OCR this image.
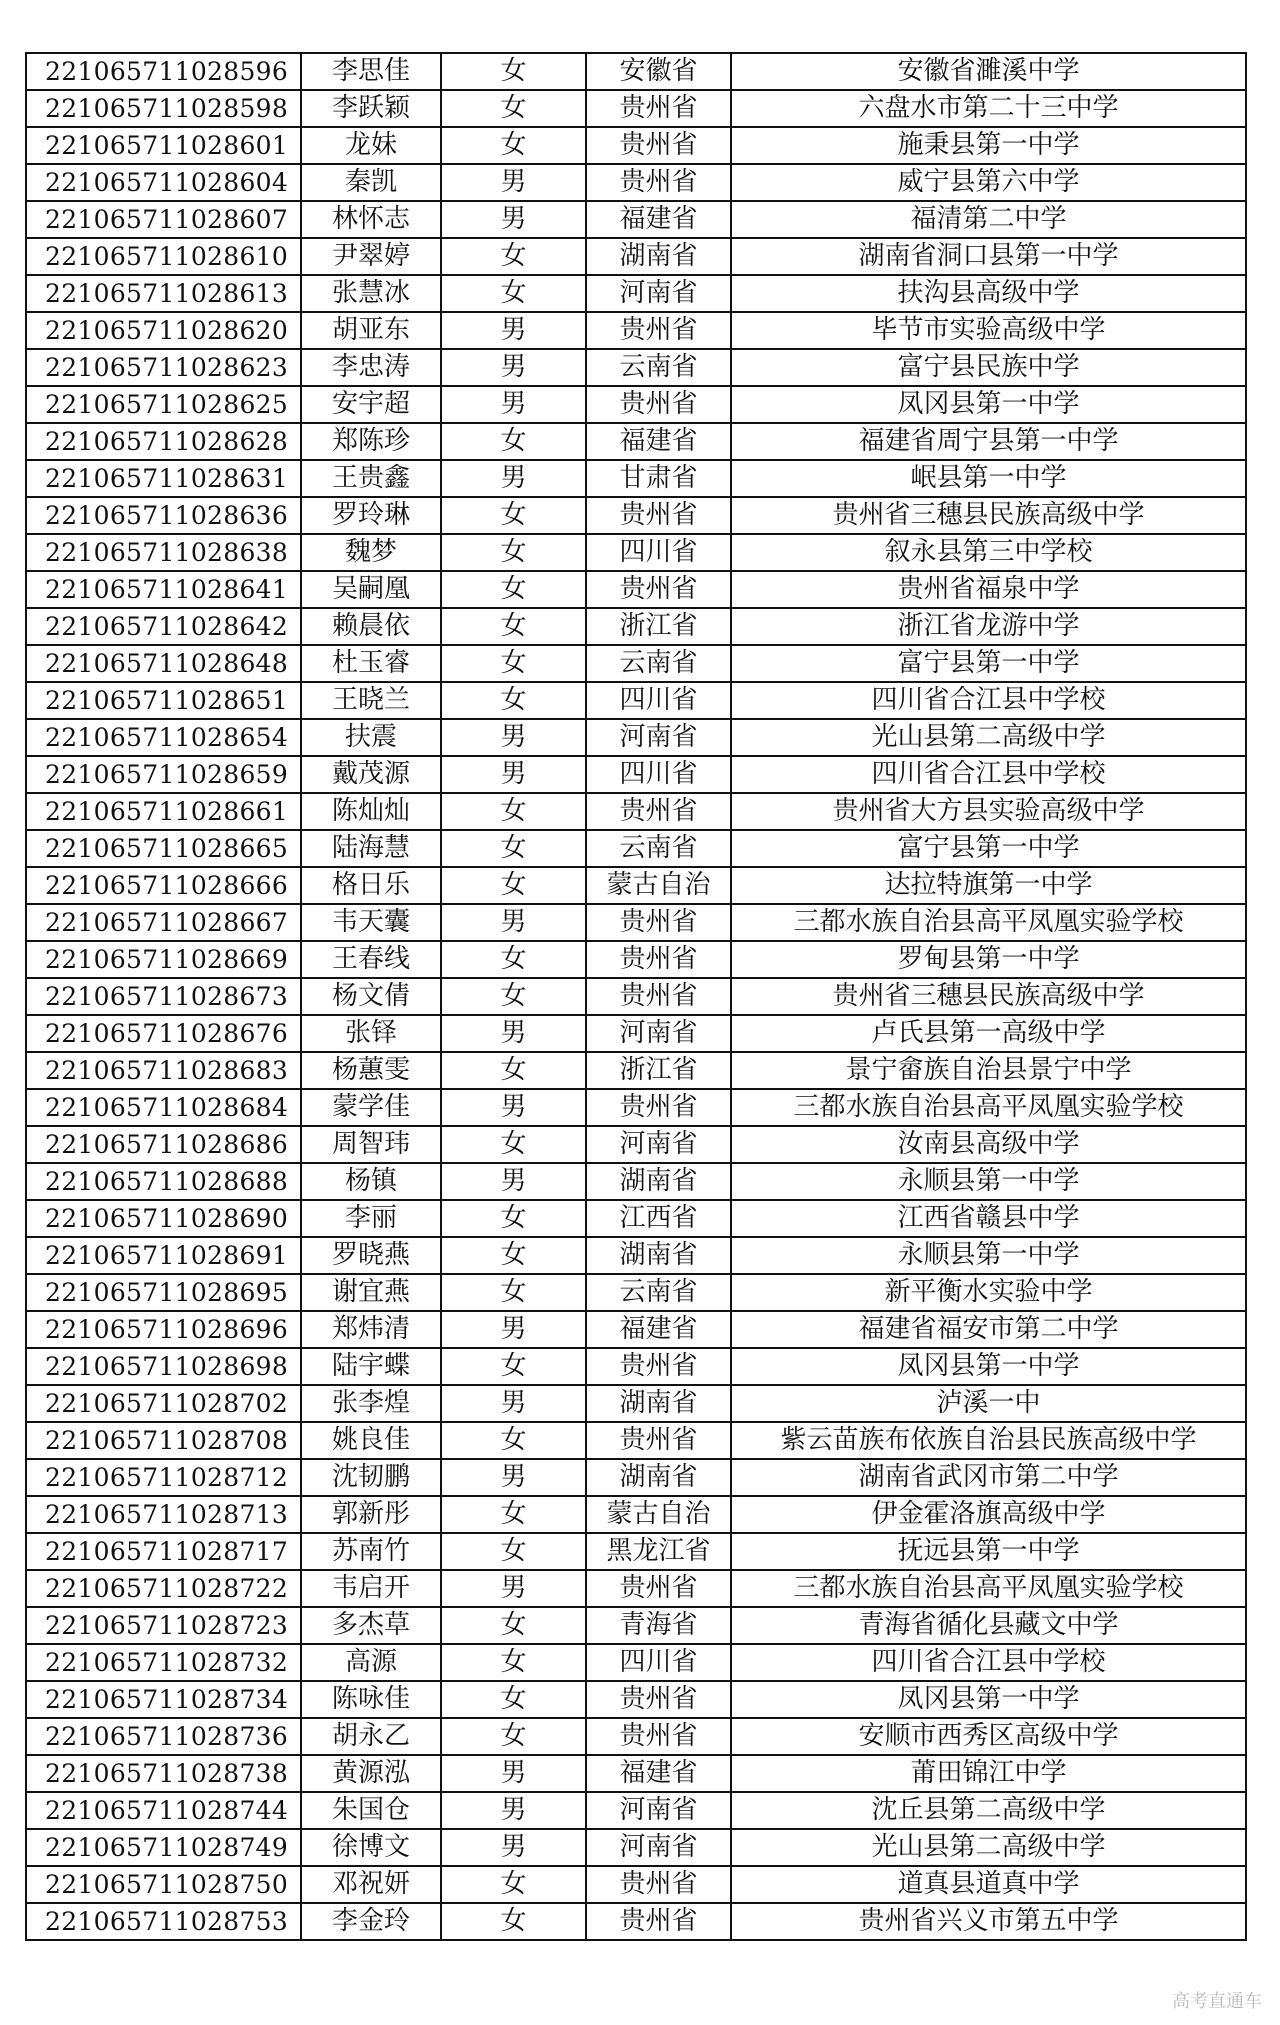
221065711028596	李思佳	女	安徽省	安徽省濉溪中学
221065711028598	李跃颖	女	贵州省	六盘水市第二十三中学
221065711028601	龙妹	女	贵州省	施秉县第一中学
221065711028604	秦凯	男	贵州省	威宁县第六中学
221065711028607	林怀志	男	福建省	福清第二中学
221065711028610	尹翠婷	女	湖南省	湖南省洞口县第一中学
221065711028613	张慧冰	女	河南省	扶沟县高级中学
221065711028620	胡亚东	男	贵州省	毕节市实验高级中学
221065711028623	李忠涛	男	云南省	富宁县民族中学
221065711028625	安宇超	男	贵州省	凤冈县第一中学
221065711028628	郑陈珍	女	福建省	福建省周宁县第一中学
221065711028631	王贵鑫	男	甘肃省	岷县第一中学
221065711028636	罗玲琳	女	贵州省	贵州省三穗县民族高级中学
221065711028638	魏梦	女	四川省	叙永县第三中学校
221065711028641	吴嗣凰	女	贵州省	贵州省福泉中学
221065711028642	赖晨依	女	浙江省	浙江省龙游中学
221065711028648	杜玉睿	女	云南省	富宁县第一中学
221065711028651	王晓兰	女	四川省	四川省合江县中学校
221065711028654	扶震	男	河南省	光山县第二高级中学
221065711028659	戴茂源	男	四川省	四川省合江县中学校
221065711028661	陈灿灿	女	贵州省	贵州省大方县实验高级中学
221065711028665	陆海慧	女	云南省	富宁县第一中学
221065711028666	格日乐	女	蒙古自治	达拉特旗第一中学
221065711028667	韦天囊	男	贵州省	三都水族自治县高平凤凰实验学校
221065711028669	王春线	女	贵州省	罗甸县第一中学
221065711028673	杨文倩	女	贵州省	贵州省三穗县民族高级中学
221065711028676	张铎	男	河南省	卢氏县第一高级中学
221065711028683	杨蕙雯	女	浙江省	景宁畲族自治县景宁中学
221065711028684	蒙学佳	男	贵州省	三都水族自治县高平凤凰实验学校
221065711028686	周智玮	女	河南省	汝南县高级中学
221065711028688	杨镇	男	湖南省	永顺县第一中学
221065711028690	李丽	女	江西省	江西省赣县中学
221065711028691	罗晓燕	女	湖南省	永顺县第一中学
221065711028695	谢宜燕	女	云南省	新平衡水实验中学
221065711028696	郑炜清	男	福建省	福建省福安市第二中学
221065711028698	陆宇蝶	女	贵州省	凤冈县第一中学
221065711028702	张李煌	男	湖南省	泸溪一中
221065711028708	姚良佳	女	贵州省	紫云苗族布依族自治县民族高级中学
221065711028712	沈韧鹏	男	湖南省	湖南省武冈市第二中学
221065711028713	郭新彤	女	蒙古自治	伊金霍洛旗高级中学
221065711028717	苏南竹	女	黑龙江省	抚远县第一中学
221065711028722	韦启开	男	贵州省	三都水族自治县高平凤凰实验学校
221065711028723	多杰草	女	青海省	青海省循化县藏文中学
221065711028732	高源	女	四川省	四川省合江县中学校
221065711028734	陈咏佳	女	贵州省	凤冈县第一中学
221065711028736	胡永乙	女	贵州省	安顺市西秀区高级中学
221065711028738	黄源泓	男	福建省	莆田锦江中学
221065711028744	朱国仓	男	河南省	沈丘县第二高级中学
221065711028749	徐博文	男	河南省	光山县第二高级中学
221065711028750	邓祝妍	女	贵州省	道真县道真中学
221065711028753	李金玲	女	贵州省	贵州省兴义市第五中学
高考直通车
